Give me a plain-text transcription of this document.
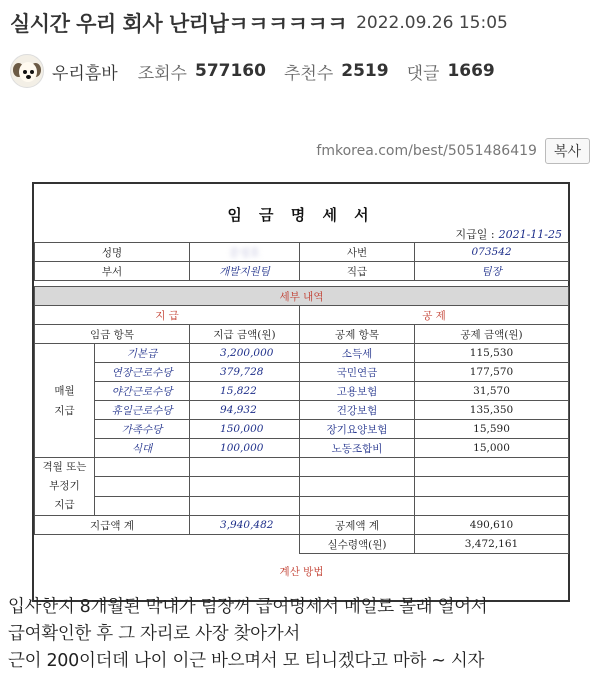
실시간 우리 회사 난리남ㅋㅋㅋㅋㅋㅋ 2022.09.26 15:05
우리흠바 조회수 577160 추천수 2519 댓글 1669
fmkorea.com/best/5051486419	복사
임 금 명 세 서
지급일 : 2021-11-25
성명		문성호	사번	073542
부서		개발지원팀	직급	팀장

세부 내역				
지 급			공 제	
임금 항목		지급 금액(원)	공제 항목	공제 금액(원)
매월
지급	기본급	3,200,000	소득세	115,530
	연장근로수당	379,728	국민연금	177,570
	야간근로수당	15,822	고용보험	31,570
	휴일근로수당	94,932	건강보험	135,350
	가족수당	150,000	장기요양보험	15,590
	식대	100,000	노동조합비	15,000
격월 또는
부정기
지급				

지급액 계		3,940,482	공제액 계	490,610
			실수령액(원)	3,472,161

계산 방법				
입사한지 8개월된 막내가 팀장꺼 급여명세서 메일로 몰래 열어서
급여확인한 후 그 자리로 사장 찾아가서
근이 200이더데 나이 이근 바으며서 모 티니겠다고 마하 ~ 시자
